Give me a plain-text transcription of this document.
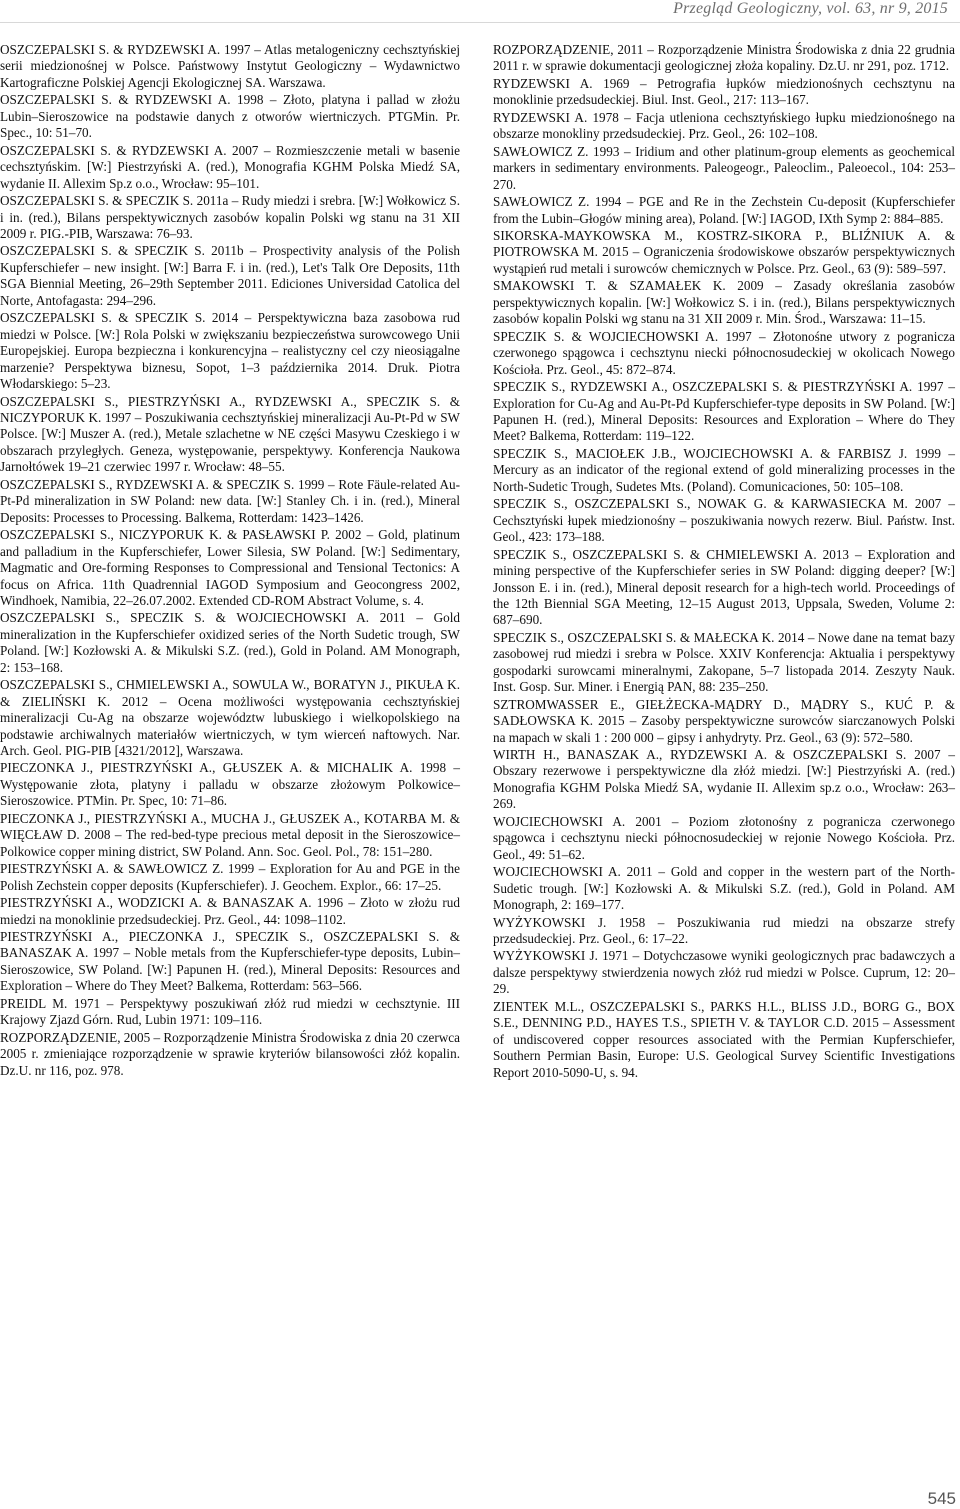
Przegląd Geologiczny, vol. 63, nr 9, 2015

OSZCZEPALSKI S. & RYDZEWSKI A. 1997 – Atlas metalogeniczny cechsztyńskiej serii miedzionośnej w Polsce. Państwowy Instytut Geologiczny – Wydawnictwo Kartograficzne Polskiej Agencji Ekologicznej SA. Warszawa.

OSZCZEPALSKI S. & RYDZEWSKI A. 1998 – Złoto, platyna i pallad w złożu Lubin–Sieroszowice na podstawie danych z otworów wiertniczych. PTGMin. Pr. Spec., 10: 51–70.

OSZCZEPALSKI S. & RYDZEWSKI A. 2007 – Rozmieszczenie metali w basenie cechsztyńskim. [W:] Piestrzyński A. (red.), Monografia KGHM Polska Miedź SA, wydanie II. Allexim Sp.z o.o., Wrocław: 95–101.

OSZCZEPALSKI S. & SPECZIK S. 2011a – Rudy miedzi i srebra. [W:] Wołkowicz S. i in. (red.), Bilans perspektywicznych zasobów kopalin Polski wg stanu na 31 XII 2009 r. PIG.-PIB, Warszawa: 76–93.

OSZCZEPALSKI S. & SPECZIK S. 2011b – Prospectivity analysis of the Polish Kupferschiefer – new insight. [W:] Barra F. i in. (red.), Let's Talk Ore Deposits, 11th SGA Biennial Meeting, 26–29th September 2011. Ediciones Universidad Catolica del Norte, Antofagasta: 294–296.

OSZCZEPALSKI S. & SPECZIK S. 2014 – Perspektywiczna baza zasobowa rud miedzi w Polsce. [W:] Rola Polski w zwiększaniu bezpieczeństwa surowcowego Unii Europejskiej. Europa bezpieczna i konkurencyjna – realistyczny cel czy nieosiągalne marzenie? Perspektywa biznesu, Sopot, 1–3 października 2014. Druk. Piotra Włodarskiego: 5–23.

OSZCZEPALSKI S., PIESTRZYŃSKI A., RYDZEWSKI A., SPECZIK S. & NICZYPORUK K. 1997 – Poszukiwania cechsztyńskiej mineralizacji Au-Pt-Pd w SW Polsce. [W:] Muszer A. (red.), Metale szlachetne w NE części Masywu Czeskiego i w obszarach przyległych. Geneza, występowanie, perspektywy. Konferencja Naukowa Jarnołtówek 19–21 czerwiec 1997 r. Wrocław: 48–55.

OSZCZEPALSKI S., RYDZEWSKI A. & SPECZIK S. 1999 – Rote Fäule-related Au-Pt-Pd mineralization in SW Poland: new data. [W:] Stanley Ch. i in. (red.), Mineral Deposits: Processes to Processing. Balkema, Rotterdam: 1423–1426.

OSZCZEPALSKI S., NICZYPORUK K. & PASŁAWSKI P. 2002 – Gold, platinum and palladium in the Kupferschiefer, Lower Silesia, SW Poland. [W:] Sedimentary, Magmatic and Ore-forming Responses to Compressional and Tensional Tectonics: A focus on Africa. 11th Quadrennial IAGOD Symposium and Geocongress 2002, Windhoek, Namibia, 22–26.07.2002. Extended CD-ROM Abstract Volume, s. 4.

OSZCZEPALSKI S., SPECZIK S. & WOJCIECHOWSKI A. 2011 – Gold mineralization in the Kupferschiefer oxidized series of the North Sudetic trough, SW Poland. [W:] Kozłowski A. & Mikulski S.Z. (red.), Gold in Poland. AM Monograph, 2: 153–168.

OSZCZEPALSKI S., CHMIELEWSKI A., SOWULA W., BORATYN J., PIKUŁA K. & ZIELIŃSKI K. 2012 – Ocena możliwości występowania cechsztyńskiej mineralizacji Cu-Ag na obszarze województw lubuskiego i wielkopolskiego na podstawie archiwalnych materiałów wiertniczych, w tym wierceń naftowych. Nar. Arch. Geol. PIG-PIB [4321/2012], Warszawa.

PIECZONKA J., PIESTRZYŃSKI A., GŁUSZEK A. & MICHALIK A. 1998 – Występowanie złota, platyny i palladu w obszarze złożowym Polkowice–Sieroszowice. PTMin. Pr. Spec, 10: 71–86.

PIECZONKA J., PIESTRZYŃSKI A., MUCHA J., GŁUSZEK A., KOTARBA M. & WIĘCŁAW D. 2008 – The red-bed-type precious metal deposit in the Sieroszowice–Polkowice copper mining district, SW Poland. Ann. Soc. Geol. Pol., 78: 151–280.

PIESTRZYŃSKI A. & SAWŁOWICZ Z. 1999 – Exploration for Au and PGE in the Polish Zechstein copper deposits (Kupferschiefer). J. Geochem. Explor., 66: 17–25.

PIESTRZYŃSKI A., WODZICKI A. & BANASZAK A. 1996 – Złoto w złożu rud miedzi na monoklinie przedsudeckiej. Prz. Geol., 44: 1098–1102.

PIESTRZYŃSKI A., PIECZONKA J., SPECZIK S., OSZCZEPALSKI S. & BANASZAK A. 1997 – Noble metals from the Kupferschiefer-type deposits, Lubin–Sieroszowice, SW Poland. [W:] Papunen H. (red.), Mineral Deposits: Resources and Exploration – Where do They Meet? Balkema, Rotterdam: 563–566.

PREIDL M. 1971 – Perspektywy poszukiwań złóż rud miedzi w cechsztynie. III Krajowy Zjazd Górn. Rud, Lubin 1971: 109–116.

ROZPORZĄDZENIE, 2005 – Rozporządzenie Ministra Środowiska z dnia 20 czerwca 2005 r. zmieniające rozporządzenie w sprawie kryteriów bilansowości złóż kopalin. Dz.U. nr 116, poz. 978.

ROZPORZĄDZENIE, 2011 – Rozporządzenie Ministra Środowiska z dnia 22 grudnia 2011 r. w sprawie dokumentacji geologicznej złoża kopaliny. Dz.U. nr 291, poz. 1712.

RYDZEWSKI A. 1969 – Petrografia łupków miedzionośnych cechsztynu na monoklinie przedsudeckiej. Biul. Inst. Geol., 217: 113–167.

RYDZEWSKI A. 1978 – Facja utleniona cechsztyńskiego łupku miedzionośnego na obszarze monokliny przedsudeckiej. Prz. Geol., 26: 102–108.

SAWŁOWICZ Z. 1993 – Iridium and other platinum-group elements as geochemical markers in sedimentary environments. Paleogeogr., Paleoclim., Paleoecol., 104: 253–270.

SAWŁOWICZ Z. 1994 – PGE and Re in the Zechstein Cu-deposit (Kupferschiefer from the Lubin–Głogów mining area), Poland. [W:] IAGOD, IXth Symp 2: 884–885.

SIKORSKA-MAYKOWSKA M., KOSTRZ-SIKORA P., BLIŹNIUK A. & PIOTROWSKA M. 2015 – Ograniczenia środowiskowe obszarów perspektywicznych wystąpień rud metali i surowców chemicznych w Polsce. Prz. Geol., 63 (9): 589–597.

SMAKOWSKI T. & SZAMAŁEK K. 2009 – Zasady określania zasobów perspektywicznych kopalin. [W:] Wołkowicz S. i in. (red.), Bilans perspektywicznych zasobów kopalin Polski wg stanu na 31 XII 2009 r. Min. Środ., Warszawa: 11–15.

SPECZIK S. & WOJCIECHOWSKI A. 1997 – Złotonośne utwory z pogranicza czerwonego spągowca i cechsztynu niecki północnosudeckiej w okolicach Nowego Kościoła. Prz. Geol., 45: 872–874.

SPECZIK S., RYDZEWSKI A., OSZCZEPALSKI S. & PIESTRZYŃSKI A. 1997 – Exploration for Cu-Ag and Au-Pt-Pd Kupferschiefer-type deposits in SW Poland. [W:] Papunen H. (red.), Mineral Deposits: Resources and Exploration – Where do They Meet? Balkema, Rotterdam: 119–122.

SPECZIK S., MACIOŁEK J.B., WOJCIECHOWSKI A. & FARBISZ J. 1999 – Mercury as an indicator of the regional extend of gold mineralizing processes in the North-Sudetic Trough, Sudetes Mts. (Poland). Comunicaciones, 50: 105–108.

SPECZIK S., OSZCZEPALSKI S., NOWAK G. & KARWASIECKA M. 2007 – Cechsztyński łupek miedzionośny – poszukiwania nowych rezerw. Biul. Państw. Inst. Geol., 423: 173–188.

SPECZIK S., OSZCZEPALSKI S. & CHMIELEWSKI A. 2013 – Exploration and mining perspective of the Kupferschiefer series in SW Poland: digging deeper? [W:] Jonsson E. i in. (red.), Mineral deposit research for a high-tech world. Proceedings of the 12th Biennial SGA Meeting, 12–15 August 2013, Uppsala, Sweden, Volume 2: 687–690.

SPECZIK S., OSZCZEPALSKI S. & MAŁECKA K. 2014 – Nowe dane na temat bazy zasobowej rud miedzi i srebra w Polsce. XXIV Konferencja: Aktualia i perspektywy gospodarki surowcami mineralnymi, Zakopane, 5–7 listopada 2014. Zeszyty Nauk. Inst. Gosp. Sur. Miner. i Energią PAN, 88: 235–250.

SZTROMWASSER E., GIEŁŻECKA-MĄDRY D., MĄDRY S., KUĆ P. & SADŁOWSKA K. 2015 – Zasoby perspektywiczne surowców siarczanowych Polski na mapach w skali 1 : 200 000 – gipsy i anhydryty. Prz. Geol., 63 (9): 572–580.

WIRTH H., BANASZAK A., RYDZEWSKI A. & OSZCZEPALSKI S. 2007 – Obszary rezerwowe i perspektywiczne dla złóż miedzi. [W:] Piestrzyński A. (red.) Monografia KGHM Polska Miedź SA, wydanie II. Allexim sp.z o.o., Wrocław: 263–269.

WOJCIECHOWSKI A. 2001 – Poziom złotonośny z pogranicza czerwonego spągowca i cechsztynu niecki północnosudeckiej w rejonie Nowego Kościoła. Prz. Geol., 49: 51–62.

WOJCIECHOWSKI A. 2011 – Gold and copper in the western part of the North-Sudetic trough. [W:] Kozłowski A. & Mikulski S.Z. (red.), Gold in Poland. AM Monograph, 2: 169–177.

WYŻYKOWSKI J. 1958 – Poszukiwania rud miedzi na obszarze strefy przedsudeckiej. Prz. Geol., 6: 17–22.

WYŻYKOWSKI J. 1971 – Dotychczasowe wyniki geologicznych prac badawczych a dalsze perspektywy stwierdzenia nowych złóż rud miedzi w Polsce. Cuprum, 12: 20–29.

ZIENTEK M.L., OSZCZEPALSKI S., PARKS H.L., BLISS J.D., BORG G., BOX S.E., DENNING P.D., HAYES T.S., SPIETH V. & TAYLOR C.D. 2015 – Assessment of undiscovered copper resources associated with the Permian Kupferschiefer, Southern Permian Basin, Europe: U.S. Geological Survey Scientific Investigations Report 2010-5090-U, s. 94.

545
